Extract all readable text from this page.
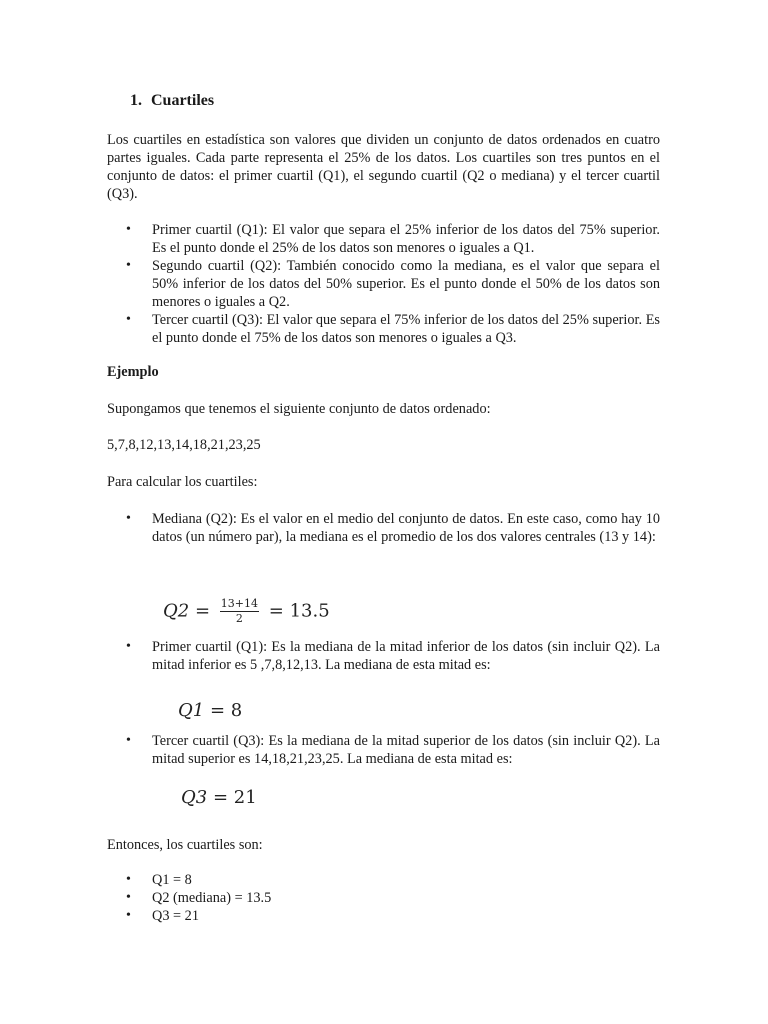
1. Cuartiles
Los cuartiles en estadística son valores que dividen un conjunto de datos ordenados en cuatro partes iguales. Cada parte representa el 25% de los datos. Los cuartiles son tres puntos en el conjunto de datos: el primer cuartil (Q1), el segundo cuartil (Q2 o mediana) y el tercer cuartil (Q3).
• Primer cuartil (Q1): El valor que separa el 25% inferior de los datos del 75% superior. Es el punto donde el 25% de los datos son menores o iguales a Q1.
• Segundo cuartil (Q2): También conocido como la mediana, es el valor que separa el 50% inferior de los datos del 50% superior. Es el punto donde el 50% de los datos son menores o iguales a Q2.
• Tercer cuartil (Q3): El valor que separa el 75% inferior de los datos del 25% superior. Es el punto donde el 75% de los datos son menores o iguales a Q3.
Ejemplo
Supongamos que tenemos el siguiente conjunto de datos ordenado:
5,7,8,12,13,14,18,21,23,25
Para calcular los cuartiles:
• Mediana (Q2): Es el valor en el medio del conjunto de datos. En este caso, como hay 10 datos (un número par), la mediana es el promedio de los dos valores centrales (13 y 14):
$Q2 = \frac{13+14}{2} = 13.5$
• Primer cuartil (Q1): Es la mediana de la mitad inferior de los datos (sin incluir Q2). La mitad inferior es 5 ,7,8,12,13. La mediana de esta mitad es:
Q1 = 8
• Tercer cuartil (Q3): Es la mediana de la mitad superior de los datos (sin incluir Q2). La mitad superior es 14,18,21,23,25. La mediana de esta mitad es:
Q3 = 21
Entonces, los cuartiles son:
• Q1 = 8
• Q2 (mediana) = 13.5
• Q3 = 21
